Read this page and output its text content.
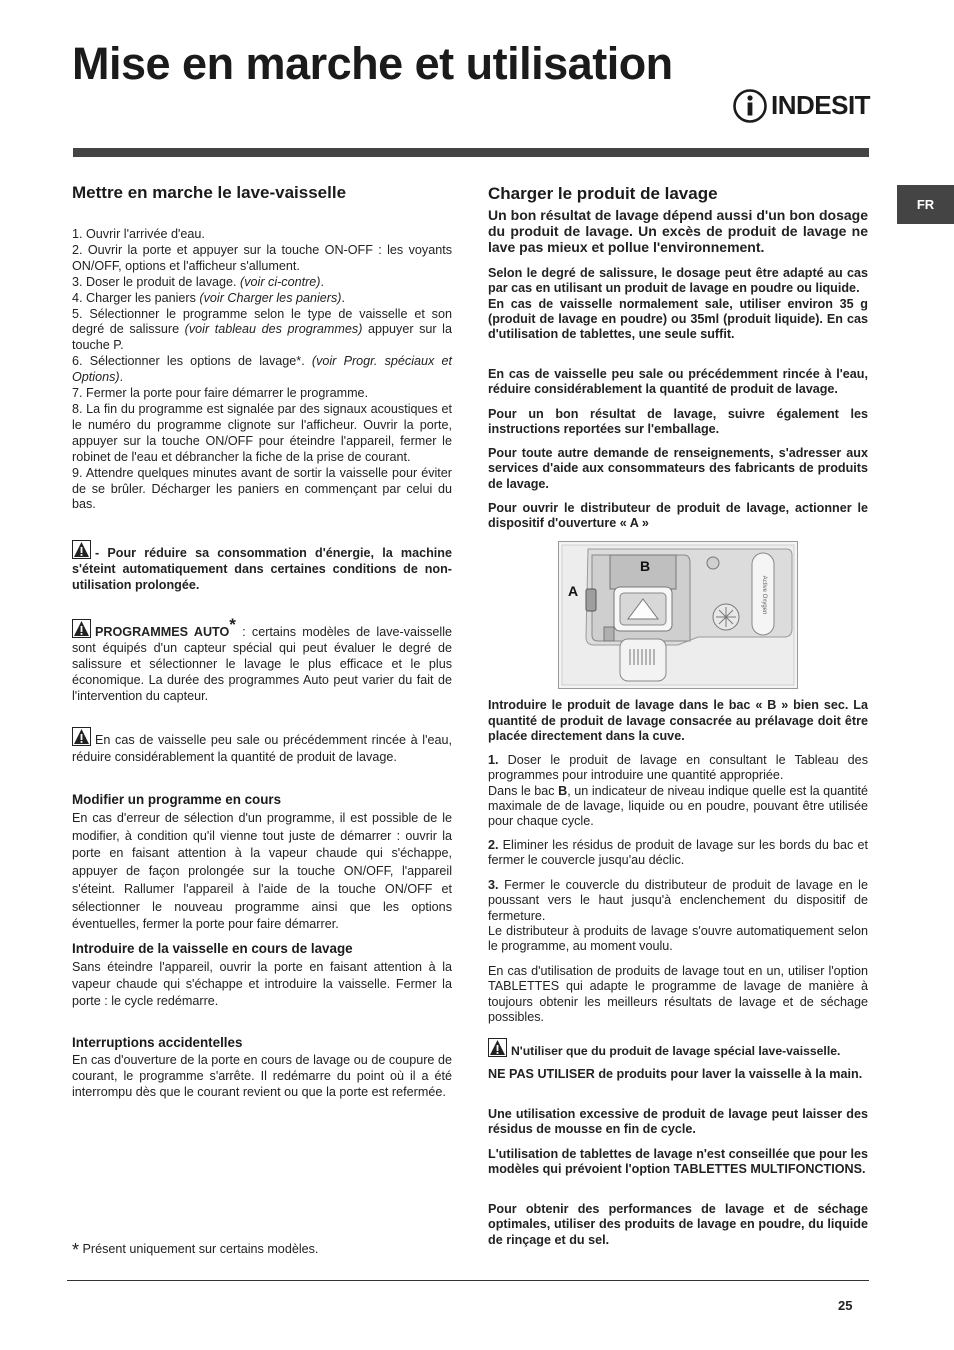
Mise en marche et utilisation
INDESIT
FR
Mettre en marche le lave-vaisselle

1. Ouvrir l'arrivée d'eau.

2. Ouvrir la porte et appuyer sur la touche ON-OFF : les voyants ON/OFF, options et l'afficheur s'allument.

3. Doser le produit de lavage. (voir ci-contre).

4. Charger les paniers (voir Charger les paniers).

5. Sélectionner le programme selon le type de vaisselle et son degré de salissure (voir tableau des programmes) appuyer sur la touche P.

6. Sélectionner les options de lavage*. (voir Progr. spéciaux et Options).

7. Fermer la porte pour faire démarrer le programme.

8. La fin du programme est signalée par des signaux acoustiques et le numéro du programme clignote sur l'afficheur. Ouvrir la porte, appuyer sur la touche ON/OFF pour éteindre l'appareil, fermer le robinet de l'eau et débrancher la fiche de la prise de courant.

9. Attendre quelques minutes avant de sortir la vaisselle pour éviter de se brûler. Décharger les paniers en commençant par celui du bas.

- Pour réduire sa consommation d'énergie, la machine s'éteint automatiquement dans certaines conditions de non-utilisation prolongée.
PROGRAMMES AUTO* : certains modèles de lave-vaisselle sont équipés d'un capteur spécial qui peut évaluer le degré de salissure et sélectionner le lavage le plus efficace et le plus économique. La durée des programmes Auto peut varier du fait de l'intervention du capteur.
En cas de vaisselle peu sale ou précédemment rincée à l'eau, réduire considérablement la quantité de produit de lavage.
Modifier un programme en cours
En cas d'erreur de sélection d'un programme, il est possible de le modifier, à condition qu'il vienne tout juste de démarrer : ouvrir la porte en faisant attention à la vapeur chaude qui s'échappe, appuyer de façon prolongée sur la touche ON/OFF, l'appareil s'éteint. Rallumer l'appareil à l'aide de la touche ON/OFF et sélectionner le nouveau programme ainsi que les options éventuelles, fermer la porte pour faire démarrer.
Introduire de la vaisselle en cours de lavage
Sans éteindre l'appareil, ouvrir la porte en faisant attention à la vapeur chaude qui s'échappe et introduire la vaisselle. Fermer la porte : le cycle redémarre.
Interruptions accidentelles
En cas d'ouverture de la porte en cours de lavage ou de coupure de courant, le programme s'arrête. Il redémarre du point où il a été interrompu dès que le courant revient ou que la porte est refermée.
* Présent uniquement sur certains modèles.
Charger le produit de lavage
Un bon résultat de lavage dépend aussi d'un bon dosage du produit de lavage. Un excès de produit de lavage ne lave pas mieux et pollue l'environnement.

Selon le degré de salissure, le dosage peut être adapté au cas par cas en utilisant un produit de lavage en poudre ou liquide.

En cas de vaisselle normalement sale, utiliser environ 35 g (produit de lavage en poudre) ou 35ml (produit liquide). En cas d'utilisation de tablettes, une seule suffit.

En cas de vaisselle peu sale ou précédemment rincée à l'eau, réduire considérablement la quantité de produit de lavage.
Pour un bon résultat de lavage, suivre également les instructions reportées sur l'emballage.
Pour toute autre demande de renseignements, s'adresser aux services d'aide aux consommateurs des fabricants de produits de lavage.
Pour ouvrir le distributeur de produit de lavage, actionner le dispositif d'ouverture « A »
Active Oxygen
B
A
Introduire le produit de lavage dans le bac « B » bien sec. La quantité de produit de lavage consacrée au prélavage doit être placée directement dans la cuve.

1. Doser le produit de lavage en consultant le Tableau des programmes pour introduire une quantité appropriée.

Dans le bac B, un indicateur de niveau indique quelle est la quantité maximale de de lavage, liquide ou en poudre, pouvant être utilisée pour chaque cycle.

2. Eliminer les résidus de produit de lavage sur les bords du bac et fermer le couvercle jusqu'au déclic.

3. Fermer le couvercle du distributeur de produit de lavage en le poussant vers le haut jusqu'à enclenchement du dispositif de fermeture.

Le distributeur à produits de lavage s'ouvre automatiquement selon le programme, au moment voulu.

En cas d'utilisation de produits de lavage tout en un, utiliser l'option TABLETTES qui adapte le programme de lavage de manière à toujours obtenir les meilleurs résultats de lavage et de séchage possibles.
N'utiliser que du produit de lavage spécial lave-vaisselle.
NE PAS UTILISER de produits pour laver la vaisselle à la main.
Une utilisation excessive de produit de lavage peut laisser des résidus de mousse en fin de cycle.
L'utilisation de tablettes de lavage n'est conseillée que pour les modèles qui prévoient l'option TABLETTES MULTIFONCTIONS.
Pour obtenir des performances de lavage et de séchage optimales, utiliser des produits de lavage en poudre, du liquide de rinçage et du sel.
25
